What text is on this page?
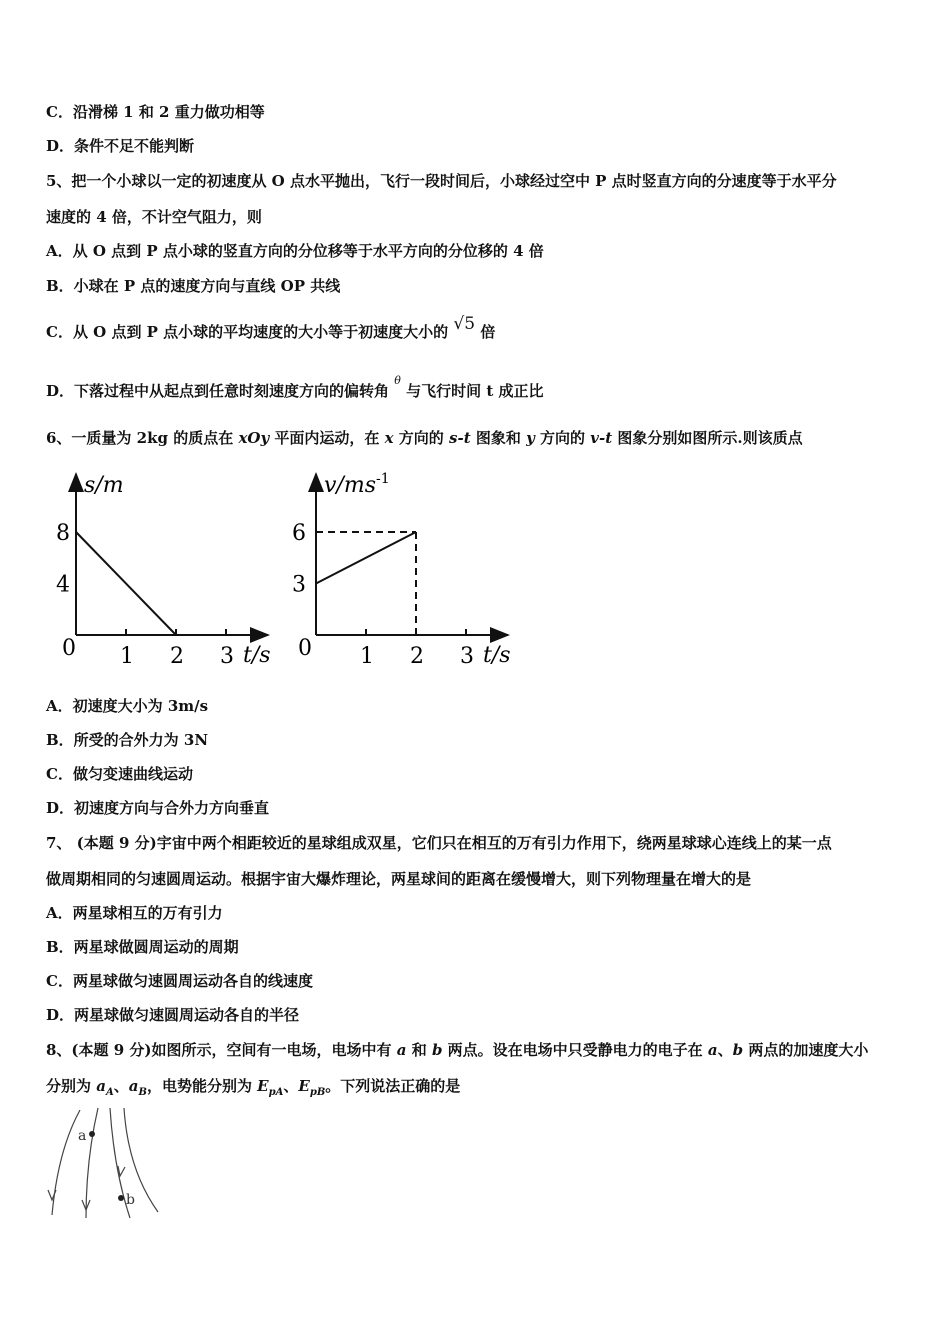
C．沿滑梯 1 和 2 重力做功相等
D．条件不足不能判断
5、把一个小球以一定的初速度从 O 点水平抛出，飞行一段时间后，小球经过空中 P 点时竖直方向的分速度等于水平分
速度的 4 倍，不计空气阻力，则
A．从 O 点到 P 点小球的竖直方向的分位移等于水平方向的分位移的 4 倍
B．小球在 P 点的速度方向与直线 OP 共线
C．从 O 点到 P 点小球的平均速度的大小等于初速度大小的 √5 倍
D．下落过程中从起点到任意时刻速度方向的偏转角 $^\theta$ 与飞行时间 t 成正比
6、一质量为 2kg 的质点在 xOy 平面内运动，在 x 方向的 s-t 图象和 y 方向的 v-t 图象分别如图所示.则该质点
s/m
t/s
0 1 2 3
4
8
$v/ms^{-1}$
t/s
0 1 2 3
3
6
A．初速度大小为 3m/s
B．所受的合外力为 3N
C．做匀变速曲线运动
D．初速度方向与合外力方向垂直
7、 (本题 9 分)宇宙中两个相距较近的星球组成双星，它们只在相互的万有引力作用下，绕两星球球心连线上的某一点
做周期相同的匀速圆周运动。根据宇宙大爆炸理论，两星球间的距离在缓慢增大，则下列物理量在增大的是
A．两星球相互的万有引力
B．两星球做圆周运动的周期
C．两星球做匀速圆周运动各自的线速度
D．两星球做匀速圆周运动各自的半径
8、(本题 9 分)如图所示，空间有一电场，电场中有 a 和 b 两点。设在电场中只受静电力的电子在 a、b 两点的加速度大小
分别为 $a_A$、$a_B$，电势能分别为 $E_{pA}$、$E_{pB}$。下列说法正确的是
a
b
